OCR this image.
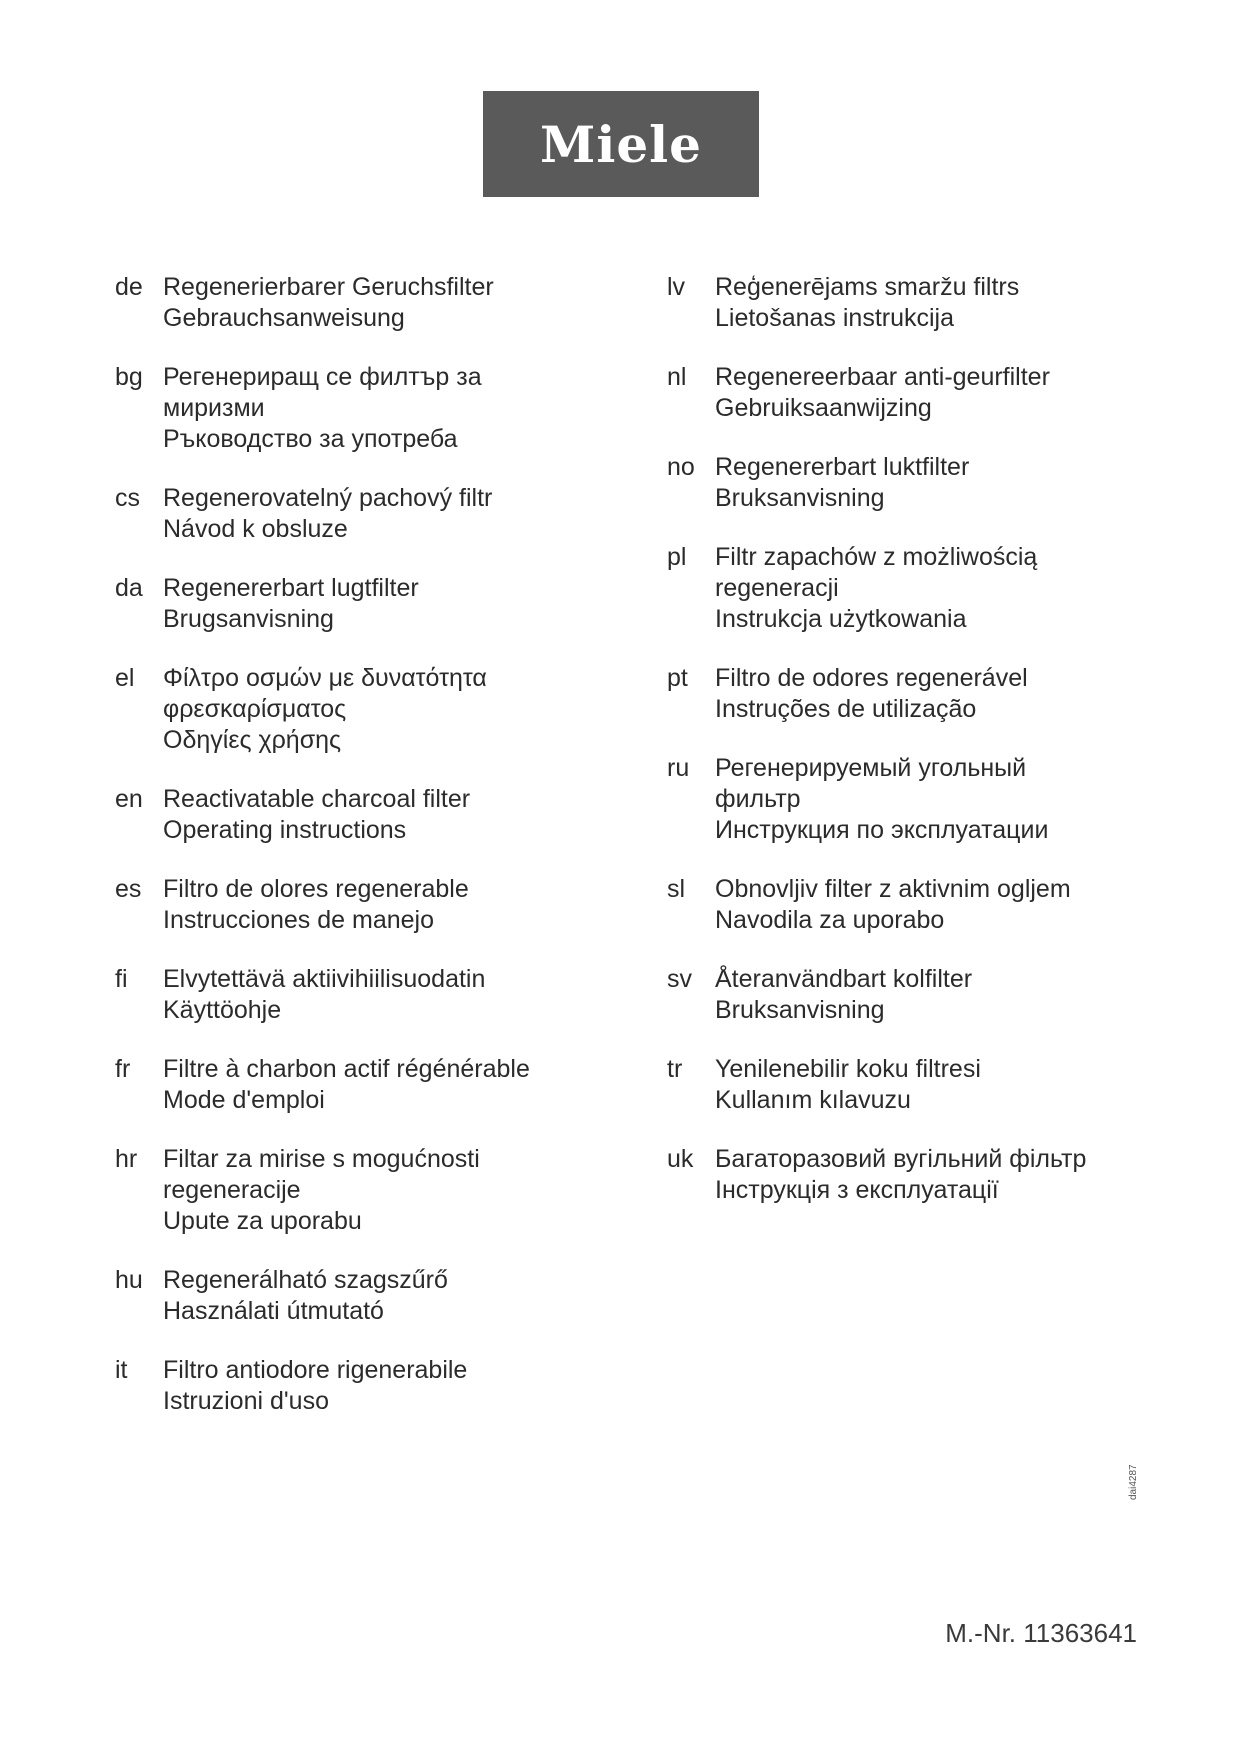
Miele
de Regenerierbarer Geruchsfilter
Gebrauchsanweisung
bg Регенериращ се филтър за
миризми
Ръководство за употреба
cs Regenerovatelný pachový filtr
Návod k obsluze
da Regenererbart lugtfilter
Brugsanvisning
el	Φίλτρο οσμών με δυνατότητα
φρεσκαρίσματος
Οδηγίες χρήσης
en Reactivatable charcoal filter
Operating instructions
es Filtro de olores regenerable
Instrucciones de manejo
fi	Elvytettävä aktiivihiilisuodatin
Käyttöohje
fr	Filtre à charbon actif régénérable
Mode d'emploi
hr	Filtar za mirise s mogućnosti
regeneracije
Upute za uporabu
hu Regenerálható szagszűrő
Használati útmutató
it	Filtro antiodore rigenerabile
Istruzioni d'uso
lv	Reģenerējams smaržu filtrs
Lietošanas instrukcija
nl	Regenereerbaar anti-geurfilter
Gebruiksaanwijzing
no Regenererbart luktfilter
Bruksanvisning
pl	Filtr zapachów z możliwością
regeneracji
Instrukcja użytkowania
pt	Filtro de odores regenerável
Instruções de utilização
ru	Регенерируемый угольный
фильтр
Инструкция по эксплуатации
sl	Obnovljiv filter z aktivnim ogljem
Navodila za uporabo
sv Återanvändbart kolfilter
Bruksanvisning
tr	Yenilenebilir koku filtresi
Kullanım kılavuzu
uk Багаторазовий вугільний фільтр
Інструкція з експлуатації
dai4287
M.-Nr. 11363641
